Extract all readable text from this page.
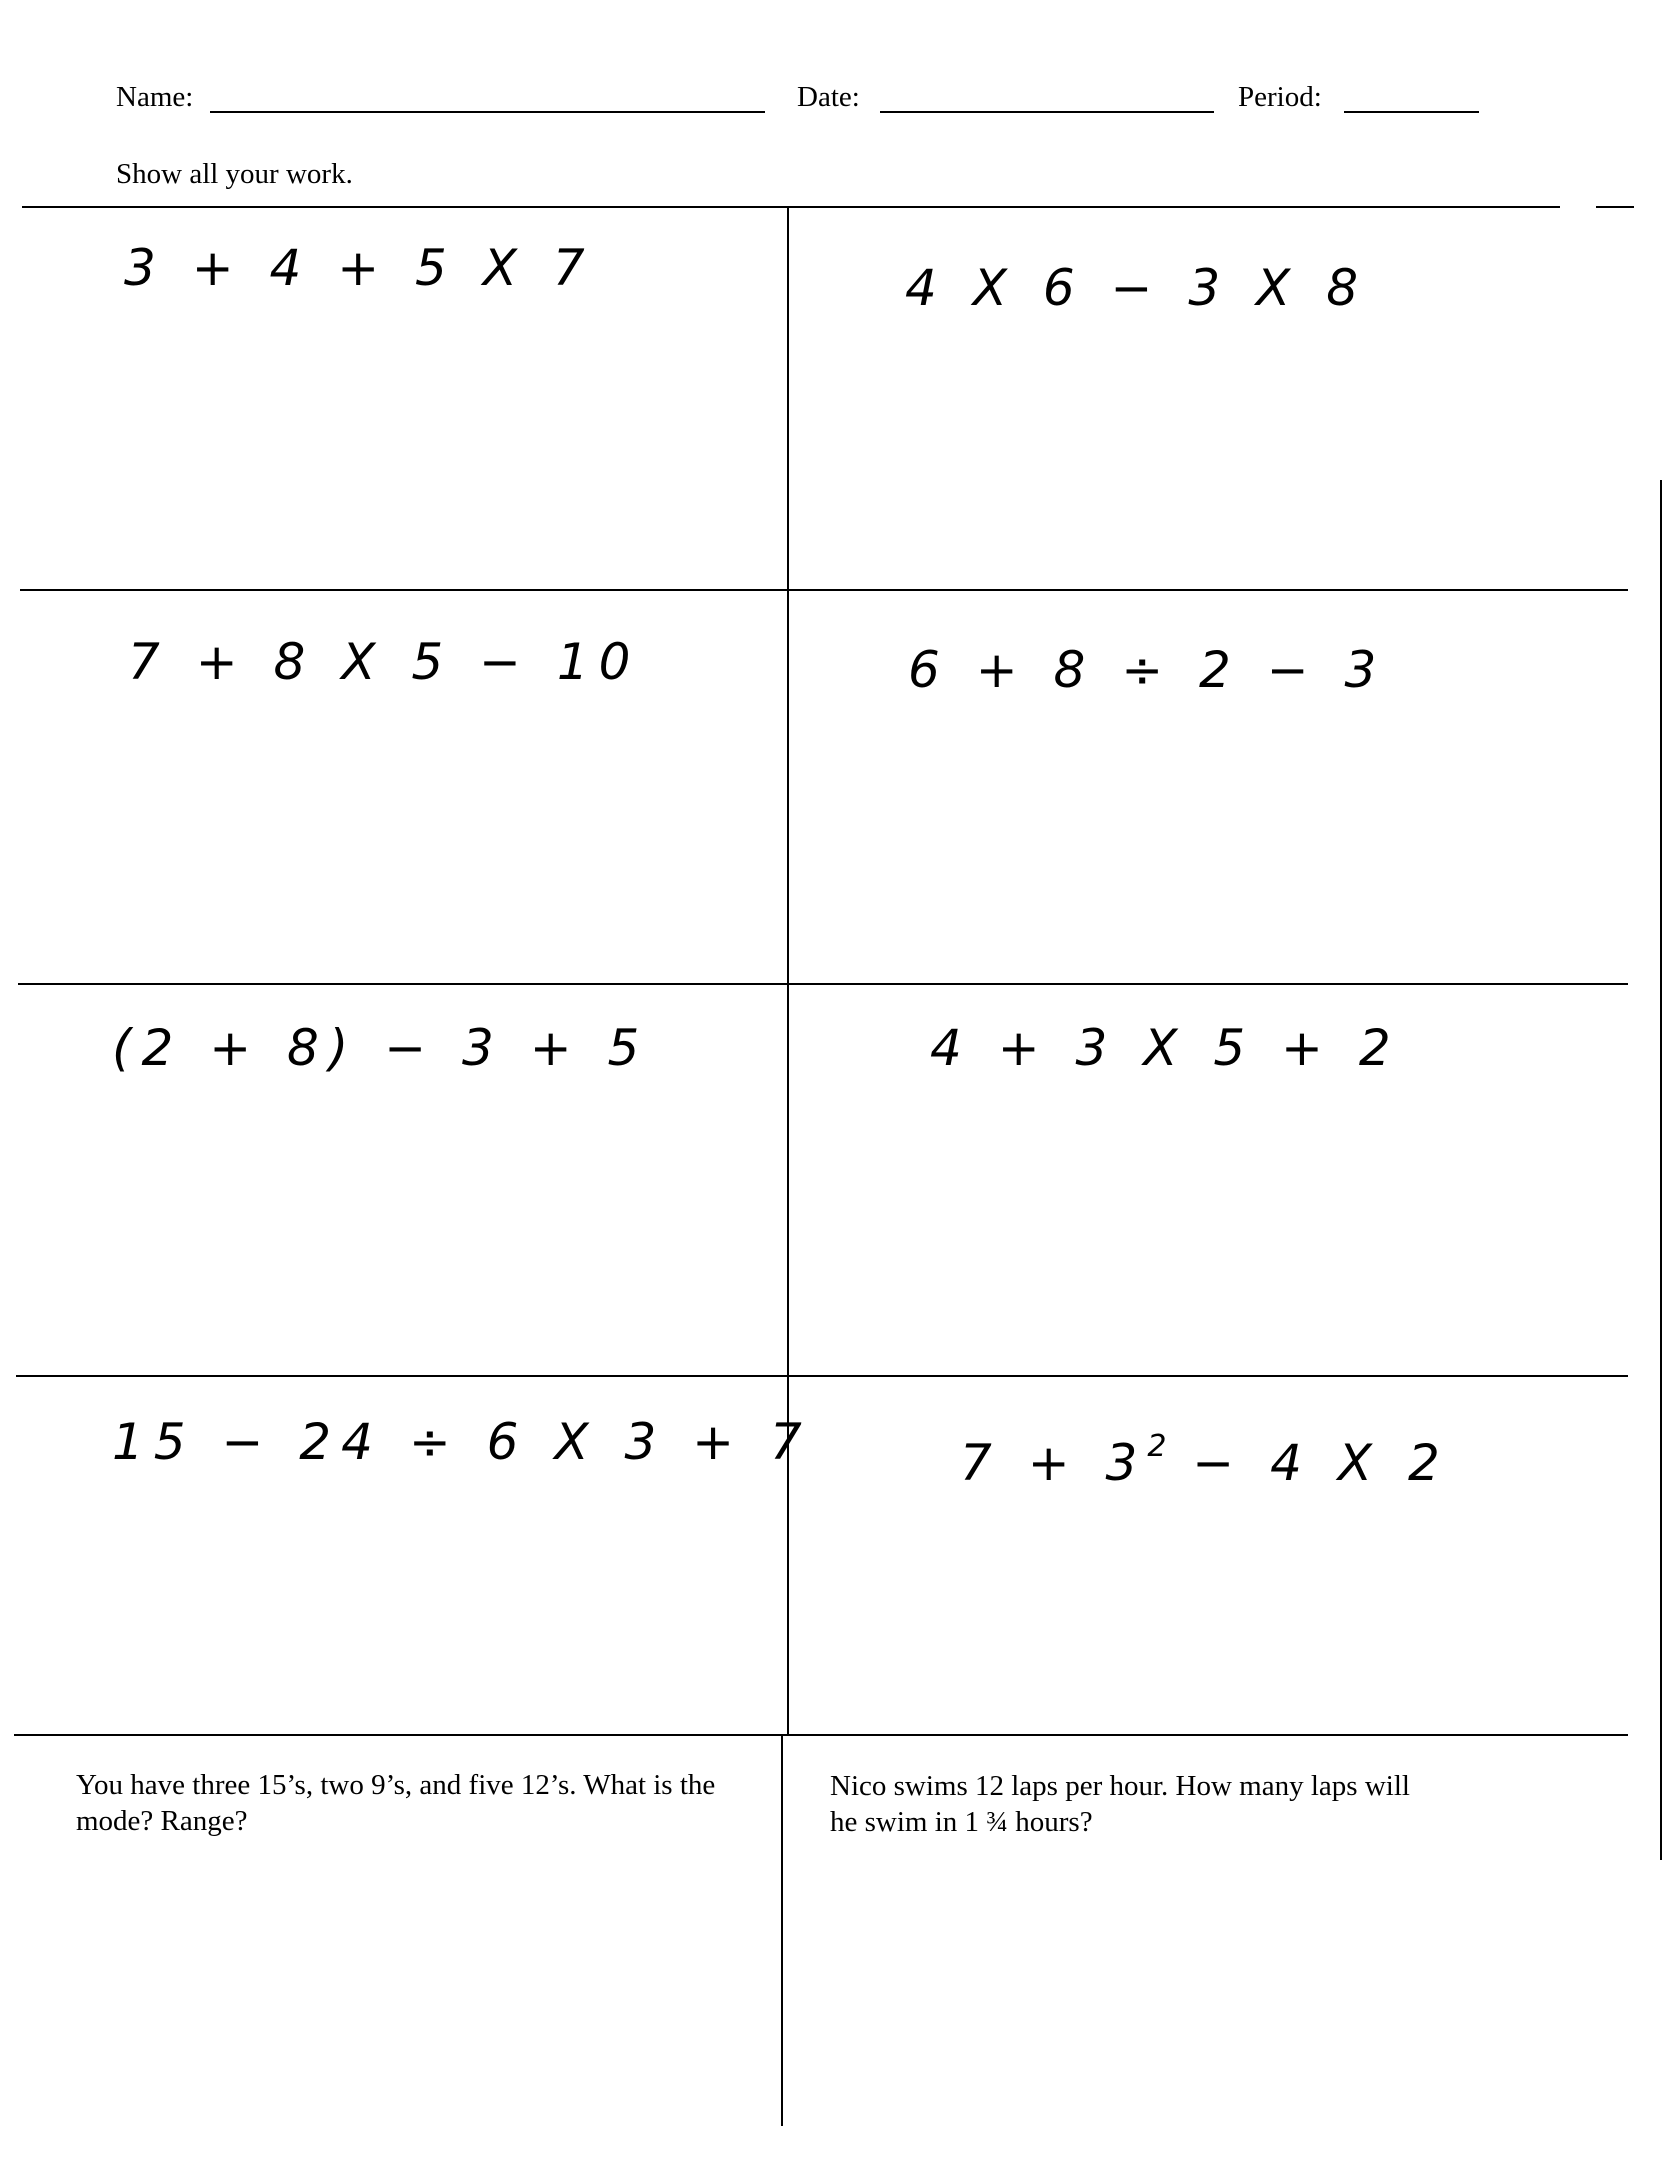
Name:	Date:	Period:
Show all your work.
3 + 4 + 5 X 7	4 X 6 − 3 X 8
7 + 8 X 5 − 10	6 + 8 ÷ 2 − 3
(2 + 8) − 3 + 5	4 + 3 X 5 + 2
15 − 24 ÷ 6 X 3 + 7	$7 + 3^2 - 4$ X 2
You have three 15’s, two 9’s, and five 12’s. What is the mode? Range?
Nico swims 12 laps per hour. How many laps will he swim in 1 ¾ hours?
